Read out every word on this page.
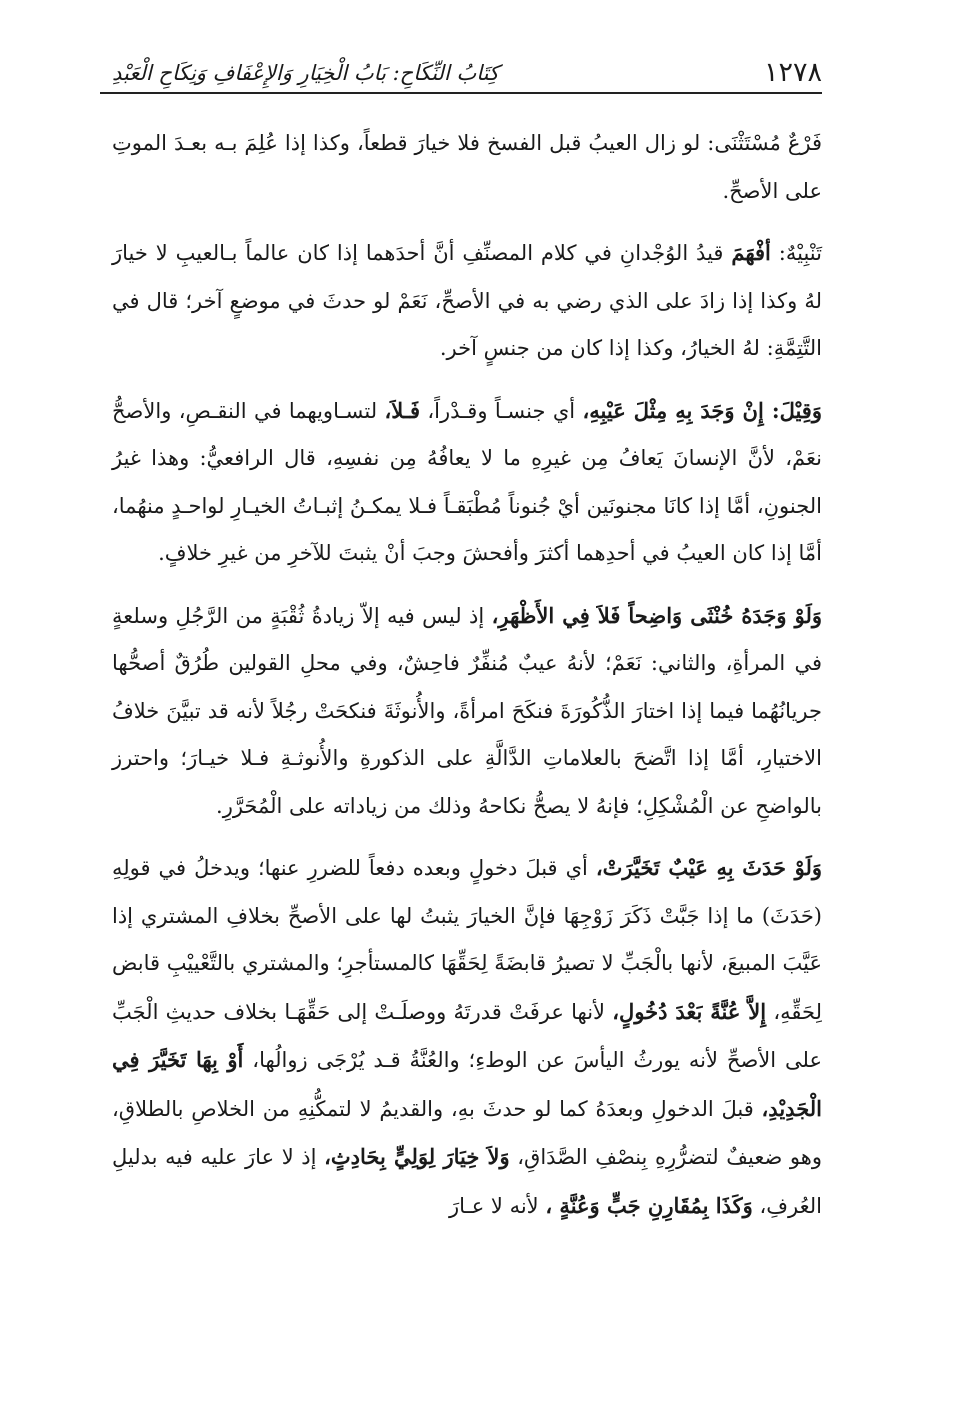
١٢٧٨
كِتَابُ النِّكَاحِ: بَابُ الْخِيَارِ وَالإِعْفَافِ وَنِكَاحِ الْعَبْدِ

فَرْعٌ مُسْتَثْنَى: لو زال العيبُ قبل الفسخ فلا خيارَ قطعاً، وكذا إذا عُلِمَ بـه بعـدَ الموتِ على الأصحِّ.

تَنْبِيْهٌ: أفْهَمَ قيدُ الوُجْدانِ في كلام المصنِّفِ أنَّ أحدَهما إذا كان عالماً بـالعيبِ لا خيارَ لهُ وكذا إذا زادَ على الذي رضي به في الأصحِّ، نَعَمْ لو حدثَ في موضعٍ آخر؛ قال في التَّتِمَّةِ: لهُ الخيارُ، وكذا إذا كان من جنسٍ آخر.

وَقِيْلَ: إِنْ وَجَدَ بِهِ مِثْلَ عَيْبِهِ، أي جنسـاً وقـدْراً، فَـلاَ، لتسـاويهما في النقـصِ، والأصحُّ نعَمْ، لأنَّ الإنسانَ يَعافُ مِن غيرِهِ ما لا يعافُهُ مِن نفسِهِ، قال الرافعيُّ: وهذا غيرُ الجنونِ، أمَّا إذا كانَا مجنونَين أيْ جُنوناً مُطْبَقـاً فـلا يمكـنُ إثبـاتُ الخيـارِ لواحـدٍ منهُما، أمَّا إذا كان العيبُ في أحدِهما أكثرَ وأفحشَ وجبَ أنْ يثبتَ للآخرِ من غيرِ خلافٍ.

وَلَوْ وَجَدَهُ خُنْثَى وَاضِحاً فَلاَ فِي الأَظْهَرِ، إذ ليس فيه إلاّ زيادةُ ثُقْبَةٍ من الرَّجُلِ وسلعةٍ في المرأةِ، والثاني: نَعَمْ؛ لأنهُ عيبٌ مُنفِّرٌ فاحِشٌ، وفي محلِ القولين طُرُقٌ أصحُّها جريانُهُما فيما إذا اختارَ الذُّكُورَةَ فنكَحَ امرأةً، والأُنوثَةَ فنكحَتْ رجُلاً لأنه قد تبيَّنَ خلافُ الاختيارِ، أمَّا إذا اتَّضحَ بالعلاماتِ الدَّالَّةِ على الذكورةِ والأُنوثـةِ فـلا خيـارَ؛ واحترز بالواضحِ عن الْمُشْكِلِ؛ فإنهُ لا يصحُّ نكاحهُ وذلك من زياداته على الْمُحَرَّرِ.

وَلَوْ حَدَثَ بِهِ عَيْبٌ تَخَيَّرَتْ، أي قبلَ دخولٍ وبعده دفعاً للضررِ عنها؛ ويدخلُ في قولِهِ (حَدَثَ) ما إذا جَبَّتْ ذَكَرَ زَوْجِهَا فإنَّ الخيارَ يثبتُ لها على الأصحِّ بخلافِ المشتري إذا عَيَّبَ المبيعَ، لأنها بالْجَبِّ لا تصيرُ قابضَةً لِحَقِّهَا كالمستأجرِ؛ والمشتري بالتَّعْييْبِ قابض لِحَقِّهِ، إِلاَّ عُنَّةً بَعْدَ دُخُولٍ، لأنها عرفَتْ قدرتَهُ ووصلَـتْ إلى حَقِّهَـا بخلاف حديثِ الْجَبِّ على الأصحِّ لأنه يورثُ اليأسَ عن الوطءِ؛ والعُنَّةُ قـد يُرْجَى زوالُها، أَوْ بِهَا تَخَيَّرَ فِي الْجَدِيْدِ، قبلَ الدخولِ وبعدَهُ كما لو حدثَ بهِ، والقديمُ لا لتمكُّنِهِ من الخلاصِ بالطلاقِ، وهو ضعيفٌ لتضرُّرِهِ بِنصْفِ الصَّدَاقِ، وَلاَ خِيَارَ لِوَلِيٍّ بِحَادِثٍ، إذ لا عارَ عليه فيه بدليلِ العُرفِ، وَكَذَا بِمُقَارِنِ جَبٍّ وَعُنَّةٍ ، لأنه لا عـارَ
